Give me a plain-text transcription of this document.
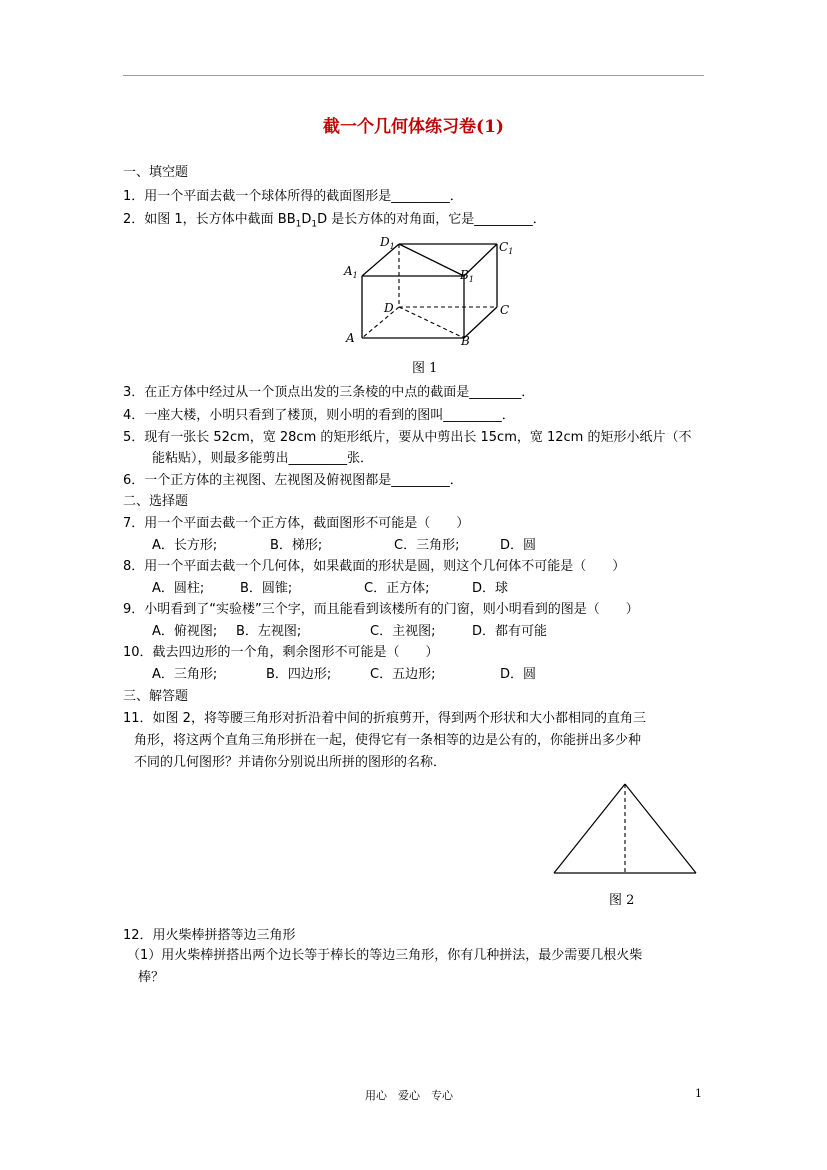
截一个几何体练习卷(1)
一、填空题
1．用一个平面去截一个球体所得的截面图形是_________．
2．如图 1，长方体中截面 $BB_1D_1D$ 是长方体的对角面，它是_________．
$D_1$	$C_1$
$A_1$	$B_1$
D	C
A	B
图 1
3．在正方体中经过从一个顶点出发的三条棱的中点的截面是________．
4．一座大楼，小明只看到了楼顶，则小明的看到的图叫_________．
5．现有一张长 52cm，宽 28cm 的矩形纸片，要从中剪出长 15cm，宽 12cm 的矩形小纸片（不
能粘贴），则最多能剪出_________张．
6．一个正方体的主视图、左视图及俯视图都是_________．
二、选择题
7．用一个平面去截一个正方体，截面图形不可能是（　　）
A．长方形;	B．梯形;	C．三角形;	D．圆
8．用一个平面去截一个几何体，如果截面的形状是圆，则这个几何体不可能是（　　）
A．圆柱;	B．圆锥;	C．正方体;	D．球
9．小明看到了“实验楼”三个字，而且能看到该楼所有的门窗，则小明看到的图是（　　）
A．俯视图; B．左视图;	C．主视图;	D．都有可能
10．截去四边形的一个角，剩余图形不可能是（　　）
A．三角形;	B．四边形;	C．五边形;	D．圆
三、解答题
11．如图 2，将等腰三角形对折沿着中间的折痕剪开，得到两个形状和大小都相同的直角三
角形，将这两个直角三角形拼在一起，使得它有一条相等的边是公有的，你能拼出多少种
不同的几何图形？并请你分别说出所拼的图形的名称．
图 2
12．用火柴棒拼搭等边三角形
（1）用火柴棒拼搭出两个边长等于棒长的等边三角形，你有几种拼法，最少需要几根火柴
棒？
用心　爱心　专心	1
